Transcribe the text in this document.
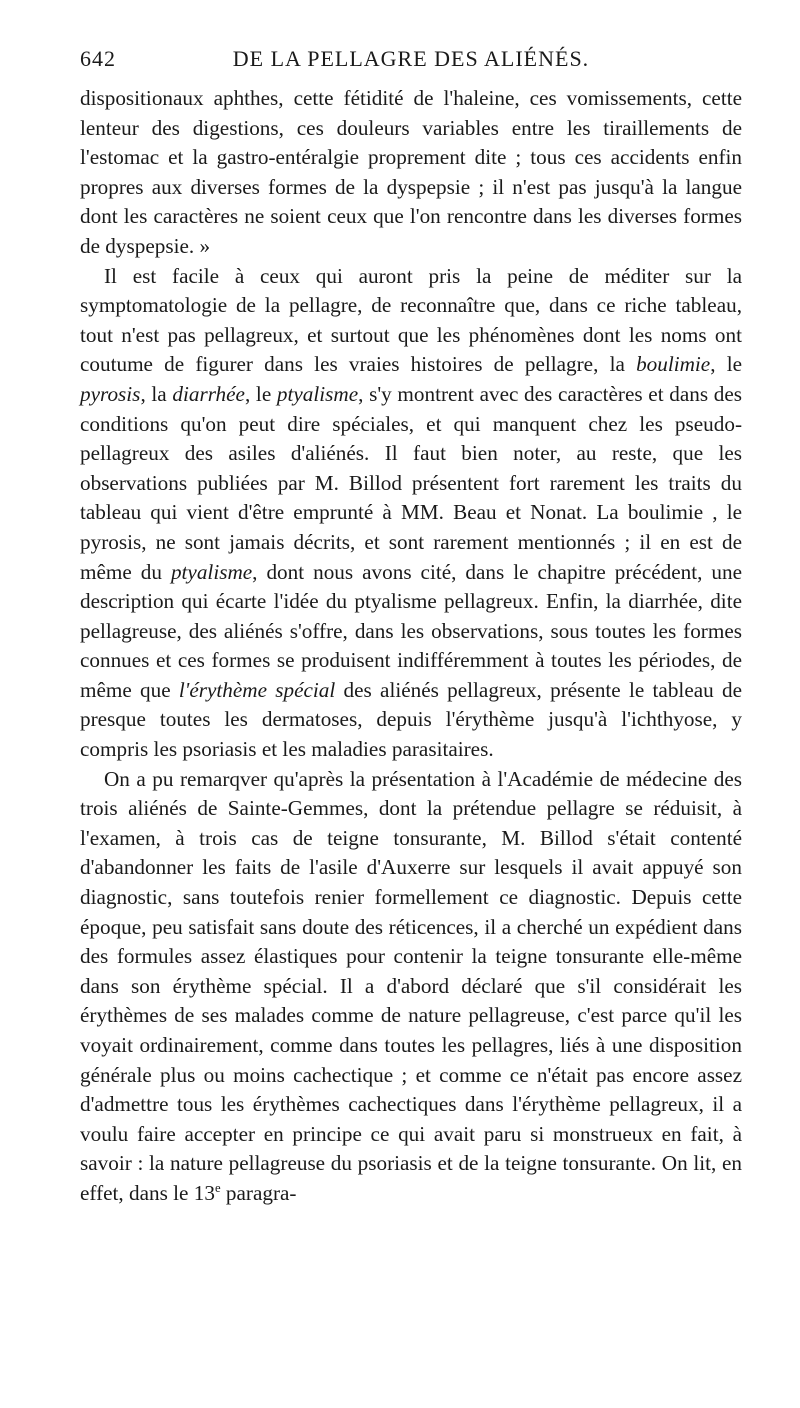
642	DE LA PELLAGRE DES ALIÉNÉS.

dispositionaux aphthes, cette fétidité de l'haleine, ces vomissements, cette lenteur des digestions, ces douleurs variables entre les tiraillements de l'estomac et la gastro-entéralgie proprement dite ; tous ces accidents enfin propres aux diverses formes de la dyspepsie ; il n'est pas jusqu'à la langue dont les caractères ne soient ceux que l'on rencontre dans les diverses formes de dyspepsie. »

Il est facile à ceux qui auront pris la peine de méditer sur la symptomatologie de la pellagre, de reconnaître que, dans ce riche tableau, tout n'est pas pellagreux, et surtout que les phénomènes dont les noms ont coutume de figurer dans les vraies histoires de pellagre, la boulimie, le pyrosis, la diarrhée, le ptyalisme, s'y montrent avec des caractères et dans des conditions qu'on peut dire spéciales, et qui manquent chez les pseudo-pellagreux des asiles d'aliénés. Il faut bien noter, au reste, que les observations publiées par M. Billod présentent fort rarement les traits du tableau qui vient d'être emprunté à MM. Beau et Nonat. La boulimie , le pyrosis, ne sont jamais décrits, et sont rarement mentionnés ; il en est de même du ptyalisme, dont nous avons cité, dans le chapitre précédent, une description qui écarte l'idée du ptyalisme pellagreux. Enfin, la diarrhée, dite pellagreuse, des aliénés s'offre, dans les observations, sous toutes les formes connues et ces formes se produisent indifféremment à toutes les périodes, de même que l'érythème spécial des aliénés pellagreux, présente le tableau de presque toutes les dermatoses, depuis l'érythème jusqu'à l'ichthyose, y compris les psoriasis et les maladies parasitaires.

On a pu remarqver qu'après la présentation à l'Académie de médecine des trois aliénés de Sainte-Gemmes, dont la prétendue pellagre se réduisit, à l'examen, à trois cas de teigne tonsurante, M. Billod s'était contenté d'abandonner les faits de l'asile d'Auxerre sur lesquels il avait appuyé son diagnostic, sans toutefois renier formellement ce diagnostic. Depuis cette époque, peu satisfait sans doute des réticences, il a cherché un expédient dans des formules assez élastiques pour contenir la teigne tonsurante elle-même dans son érythème spécial. Il a d'abord déclaré que s'il considérait les érythèmes de ses malades comme de nature pellagreuse, c'est parce qu'il les voyait ordinairement, comme dans toutes les pellagres, liés à une disposition générale plus ou moins cachectique ; et comme ce n'était pas encore assez d'admettre tous les érythèmes cachectiques dans l'érythème pellagreux, il a voulu faire accepter en principe ce qui avait paru si monstrueux en fait, à savoir : la nature pellagreuse du psoriasis et de la teigne tonsurante. On lit, en effet, dans le 13e paragra-
